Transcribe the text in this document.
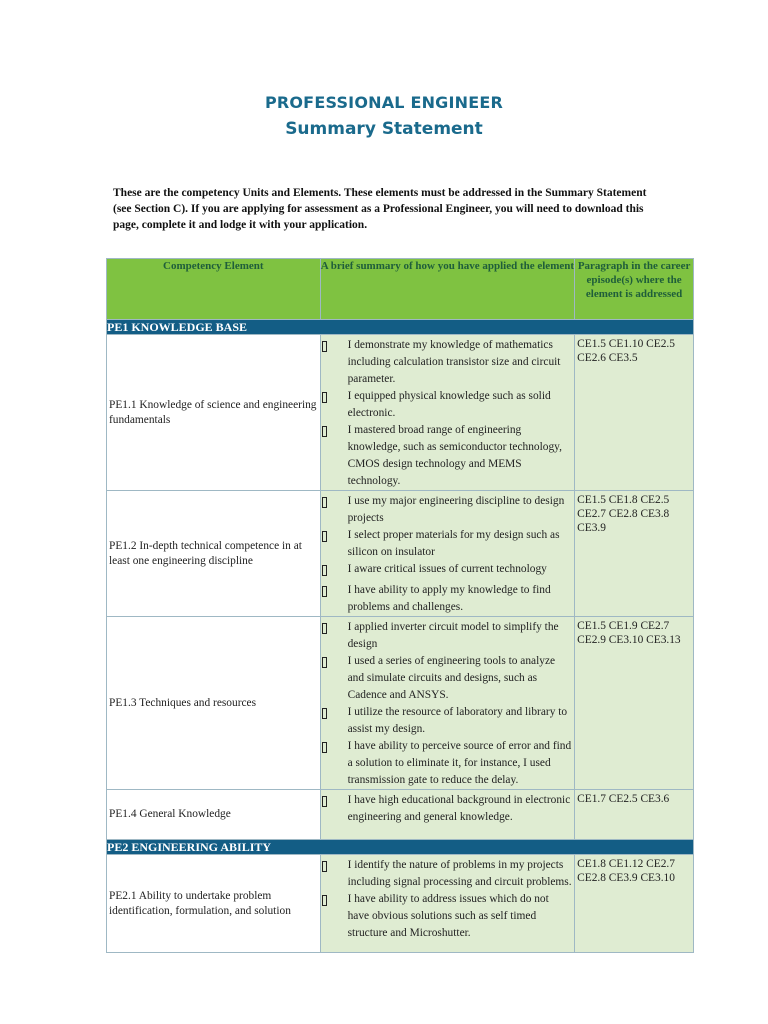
PROFESSIONAL ENGINEER
Summary Statement
These are the competency Units and Elements. These elements must be addressed in the Summary Statement (see Section C). If you are applying for assessment as a Professional Engineer, you will need to download this page, complete it and lodge it with your application.
Competency Element	A brief summary of how you have applied the element	Paragraph in the career episode(s) where the element is addressed
PE1 KNOWLEDGE BASE		
PE1.1 Knowledge of science and engineering fundamentals	I demonstrate my knowledge of mathematics including calculation transistor size and circuit parameter.
I equipped physical knowledge such as solid electronic.
I mastered broad range of engineering knowledge, such as semiconductor technology, CMOS design technology and MEMS technology.	CE1.5 CE1.10 CE2.5 CE2.6 CE3.5
PE1.2 In-depth technical competence in at least one engineering discipline	I use my major engineering discipline to design projects
I select proper materials for my design such as silicon on insulator
I aware critical issues of current technology
I have ability to apply my knowledge to find problems and challenges.	CE1.5 CE1.8 CE2.5 CE2.7 CE2.8 CE3.8 CE3.9
PE1.3 Techniques and resources	I applied inverter circuit model to simplify the design
I used a series of engineering tools to analyze and simulate circuits and designs, such as Cadence and ANSYS.
I utilize the resource of laboratory and library to assist my design.
I have ability to perceive source of error and find a solution to eliminate it, for instance, I used transmission gate to reduce the delay.	CE1.5 CE1.9 CE2.7 CE2.9 CE3.10 CE3.13
PE1.4 General Knowledge	I have high educational background in electronic engineering and general knowledge.	CE1.7 CE2.5 CE3.6
PE2 ENGINEERING ABILITY		
PE2.1 Ability to undertake problem identification, formulation, and solution	I identify the nature of problems in my projects including signal processing and circuit problems.
I have ability to address issues which do not have obvious solutions such as self timed structure and Microshutter.	CE1.8 CE1.12 CE2.7 CE2.8 CE3.9 CE3.10
